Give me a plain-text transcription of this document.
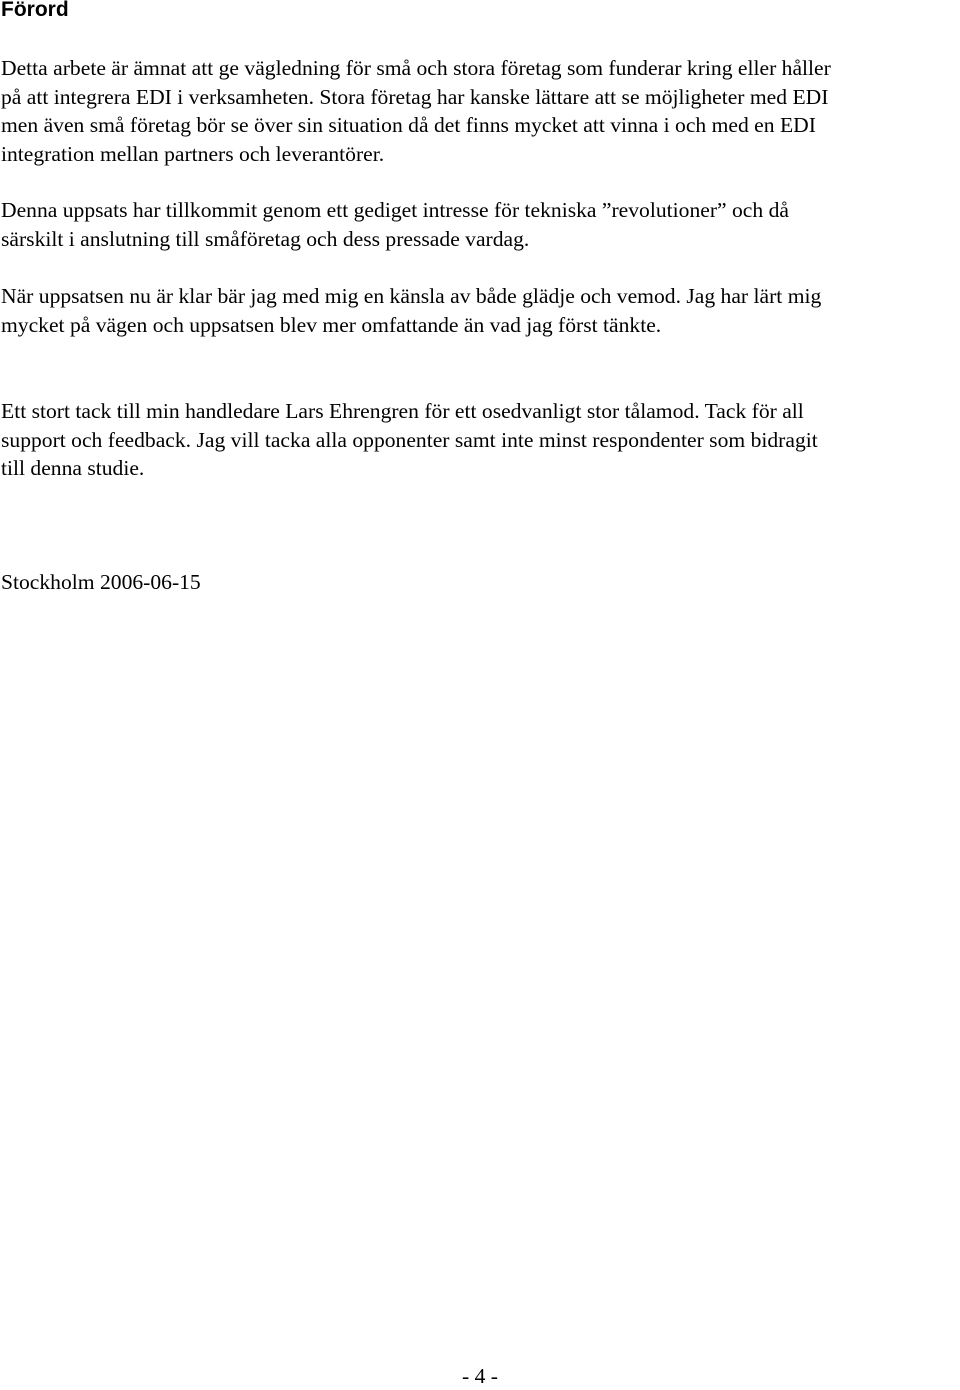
Förord
Detta arbete är ämnat att ge vägledning för små och stora företag som funderar kring eller håller
på att integrera EDI i verksamheten. Stora företag har kanske lättare att se möjligheter med EDI
men även små företag bör se över sin situation då det finns mycket att vinna i och med en EDI
integration mellan partners och leverantörer.
Denna uppsats har tillkommit genom ett gediget intresse för tekniska ”revolutioner” och då
särskilt i anslutning till småföretag och dess pressade vardag.
När uppsatsen nu är klar bär jag med mig en känsla av både glädje och vemod. Jag har lärt mig
mycket på vägen och uppsatsen blev mer omfattande än vad jag först tänkte.
Ett stort tack till min handledare Lars Ehrengren för ett osedvanligt stor tålamod. Tack för all
support och feedback. Jag vill tacka alla opponenter samt inte minst respondenter som bidragit
till denna studie.

Stockholm 2006-06-15

- 4 -
